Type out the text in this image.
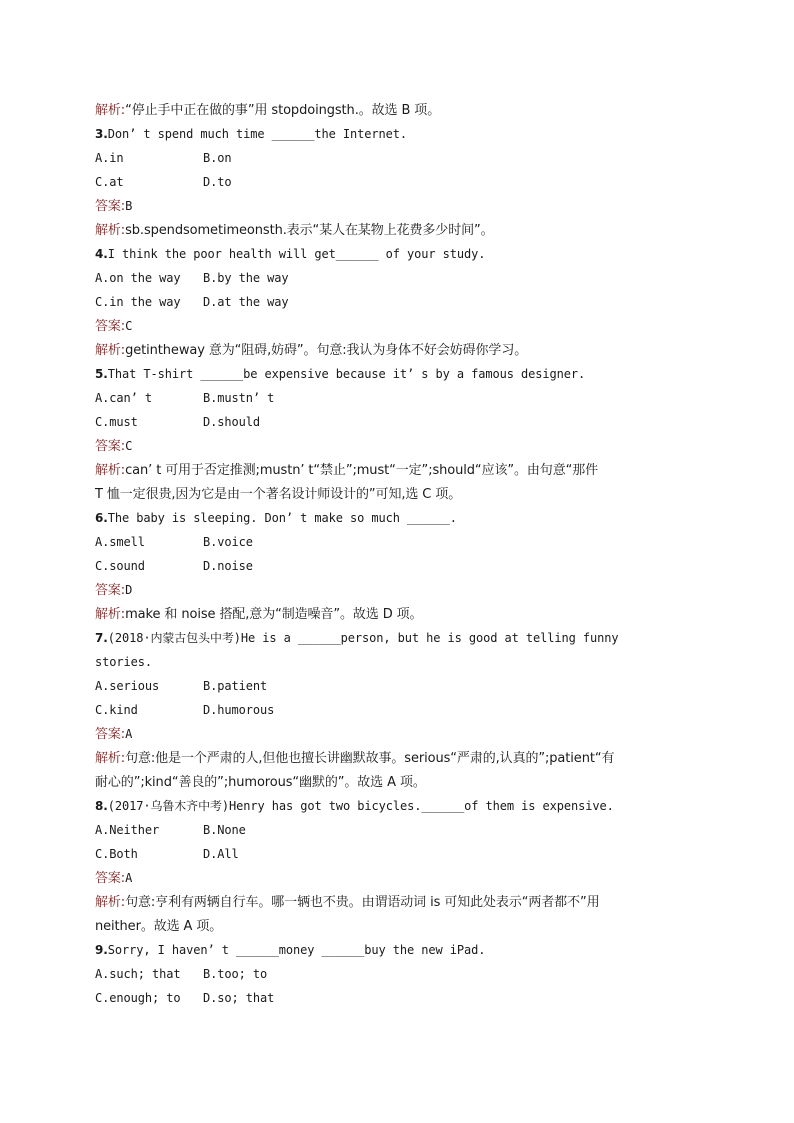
解析:“停止手中正在做的事”用 stopdoingsth.。故选 B 项。
3.Don’ t spend much time ______the Internet.
A.in	B.on
C.at	D.to
答案:B
解析:sb.spendsometimeonsth.表示“某人在某物上花费多少时间”。
4.I think the poor health will get______ of your study.
A.on the way	B.by the way
C.in the way	D.at the way
答案:C
解析:getintheway 意为“阻碍,妨碍”。句意:我认为身体不好会妨碍你学习。
5.That T-shirt ______be expensive because it’ s by a famous designer.
A.can’ t	B.mustn’ t
C.must	D.should
答案:C
解析:can’ t 可用于否定推测;mustn’ t“禁止”;must“一定”;should“应该”。由句意“那件
T 恤一定很贵,因为它是由一个著名设计师设计的”可知,选 C 项。
6.The baby is sleeping. Don’ t make so much ______.
A.smell	B.voice
C.sound	D.noise
答案:D
解析:make 和 noise 搭配,意为“制造噪音”。故选 D 项。
7.(2018·内蒙古包头中考)He is a ______person, but he is good at telling funny
stories.
A.serious	B.patient
C.kind	D.humorous
答案:A
解析:句意:他是一个严肃的人,但他也擅长讲幽默故事。serious“严肃的,认真的”;patient“有
耐心的”;kind“善良的”;humorous“幽默的”。故选 A 项。
8.(2017·乌鲁木齐中考)Henry has got two bicycles.______of them is expensive.
A.Neither	B.None
C.Both	D.All
答案:A
解析:句意:亨利有两辆自行车。哪一辆也不贵。由谓语动词 is 可知此处表示“两者都不”用
neither。故选 A 项。
9.Sorry, I haven’ t ______money ______buy the new iPad.
A.such; that	B.too; to
C.enough; to	D.so; that
